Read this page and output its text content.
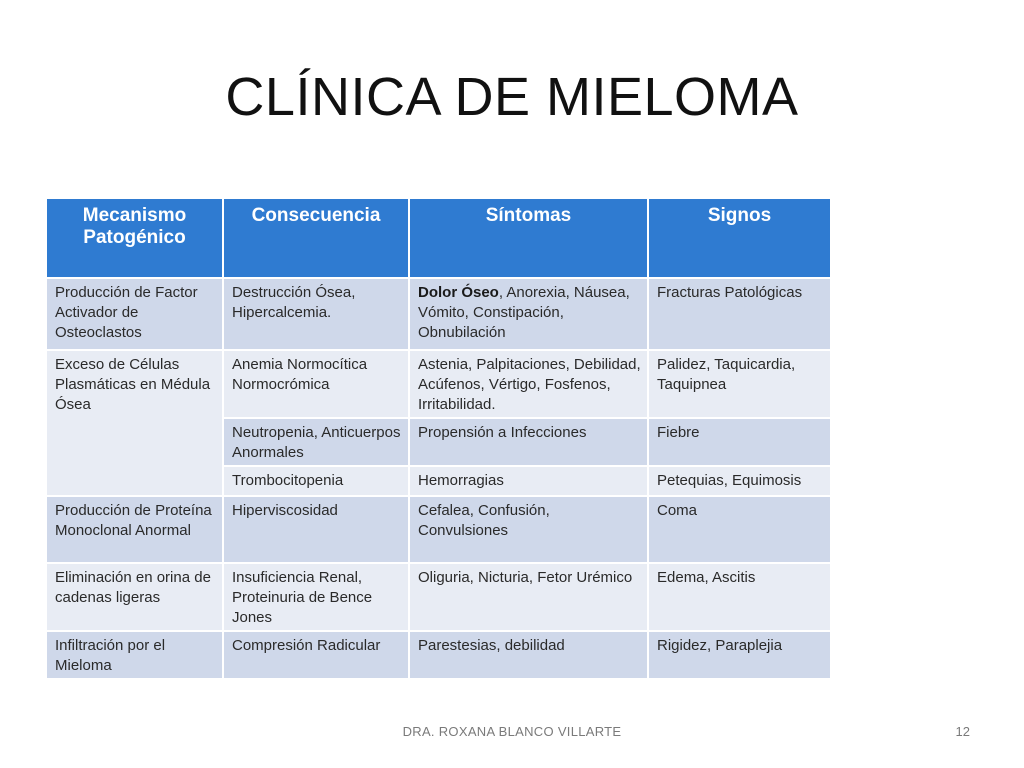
CLÍNICA DE MIELOMA
Mecanismo Patogénico	Consecuencia	Síntomas	Signos
Producción de Factor Activador de Osteoclastos	Destrucción Ósea, Hipercalcemia.	Dolor Óseo, Anorexia, Náusea, Vómito, Constipación, Obnubilación	Fracturas Patológicas
Exceso de Células Plasmáticas en Médula Ósea	Anemia Normocítica Normocrómica	Astenia, Palpitaciones, Debilidad, Acúfenos, Vértigo, Fosfenos, Irritabilidad.	Palidez, Taquicardia, Taquipnea
	Neutropenia, Anticuerpos Anormales	Propensión a Infecciones	Fiebre
	Trombocitopenia	Hemorragias	Petequias, Equimosis
Producción de Proteína Monoclonal Anormal	Hiperviscosidad	Cefalea, Confusión, Convulsiones	Coma
Eliminación en orina de cadenas ligeras	Insuficiencia Renal, Proteinuria de Bence Jones	Oliguria, Nicturia, Fetor Urémico	Edema, Ascitis
Infiltración por el Mieloma	Compresión Radicular	Parestesias, debilidad	Rigidez, Paraplejia
DRA. ROXANA BLANCO VILLARTE	12
